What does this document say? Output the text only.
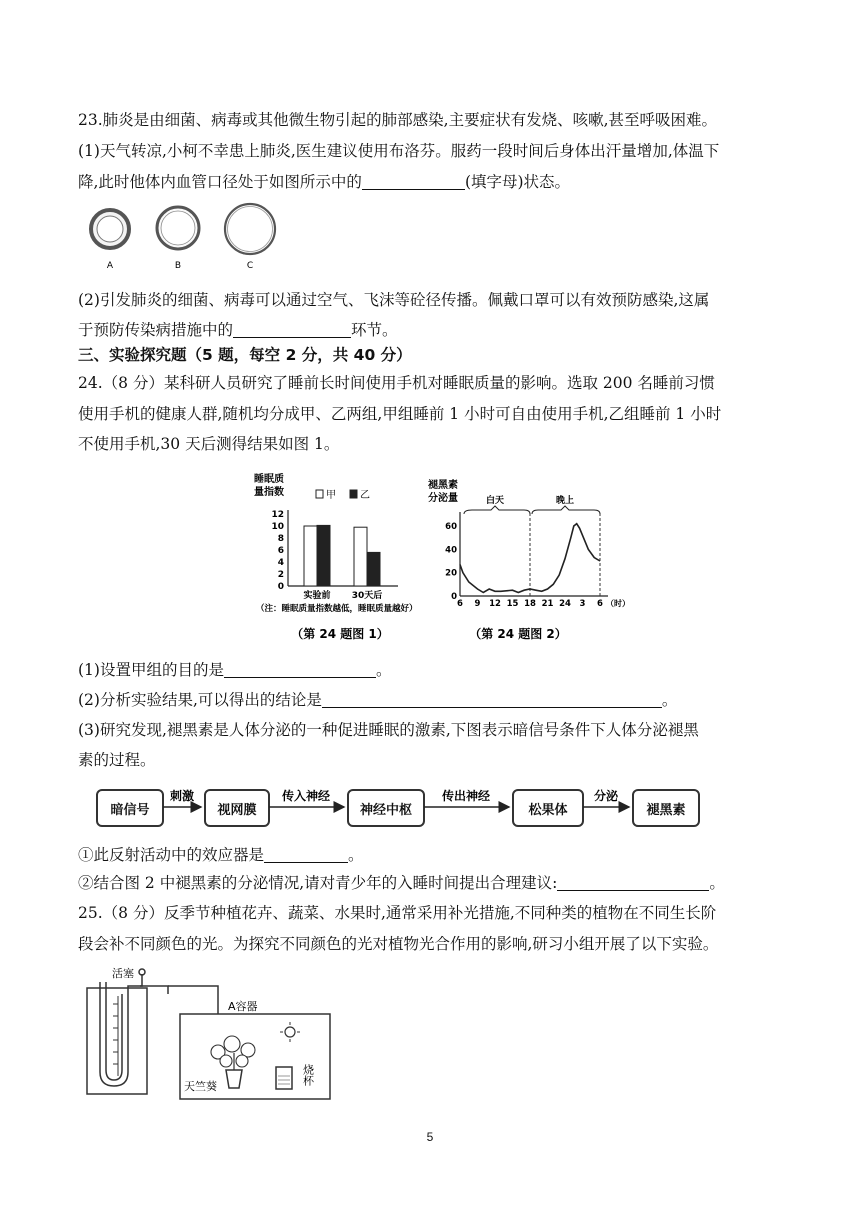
23.肺炎是由细菌、病毒或其他微生物引起的肺部感染,主要症状有发烧、咳嗽,甚至呼吸困难。
(1)天气转凉,小柯不幸患上肺炎,医生建议使用布洛芬。服药一段时间后身体出汗量增加,体温下
降,此时他体内血管口径处于如图所示中的	(填字母)状态。
A	B	C
(2)引发肺炎的细菌、病毒可以通过空气、飞沫等砼径传播。佩戴口罩可以有效预防感染,这属
于预防传染病措施中的	环节。
三、实验探究题（5 题，每空 2 分，共 40 分）
24.（8 分）某科研人员研究了睡前长时间使用手机对睡眠质量的影响。选取 200 名睡前习惯
使用手机的健康人群,随机均分成甲、乙两组,甲组睡前 1 小时可自由使用手机,乙组睡前 1 小时
不使用手机,30 天后测得结果如图 1。
睡眠质
量指数	甲 乙
0
2
4
6
8
10
12
实验前 30天后
（注：睡眠质量指数越低，睡眠质量越好）
（第 24 题图 1）
褪黑素
分泌量
0
20
40
60
6 9 12 15 18 21 24 3 6 （时）
白天	晚上
（第 24 题图 2）
(1)设置甲组的目的是	。
(2)分析实验结果,可以得出的结论是	。
(3)研究发现,褪黑素是人体分泌的一种促进睡眠的激素,下图表示暗信号条件下人体分泌褪黑
素的过程。
暗信号	视网膜	神经中枢	松果体	褪黑素
刺激	传入神经	传出神经	分泌
①此反射活动中的效应器是	。
②结合图 2 中褪黑素的分泌情况,请对青少年的入睡时间提出合理建议:	。
25.（8 分）反季节种植花卉、蔬菜、水果时,通常采用补光措施,不同种类的植物在不同生长阶
段会补不同颜色的光。为探究不同颜色的光对植物光合作用的影响,研习小组开展了以下实验。
活塞
A容器
天竺葵
烧杯
5
